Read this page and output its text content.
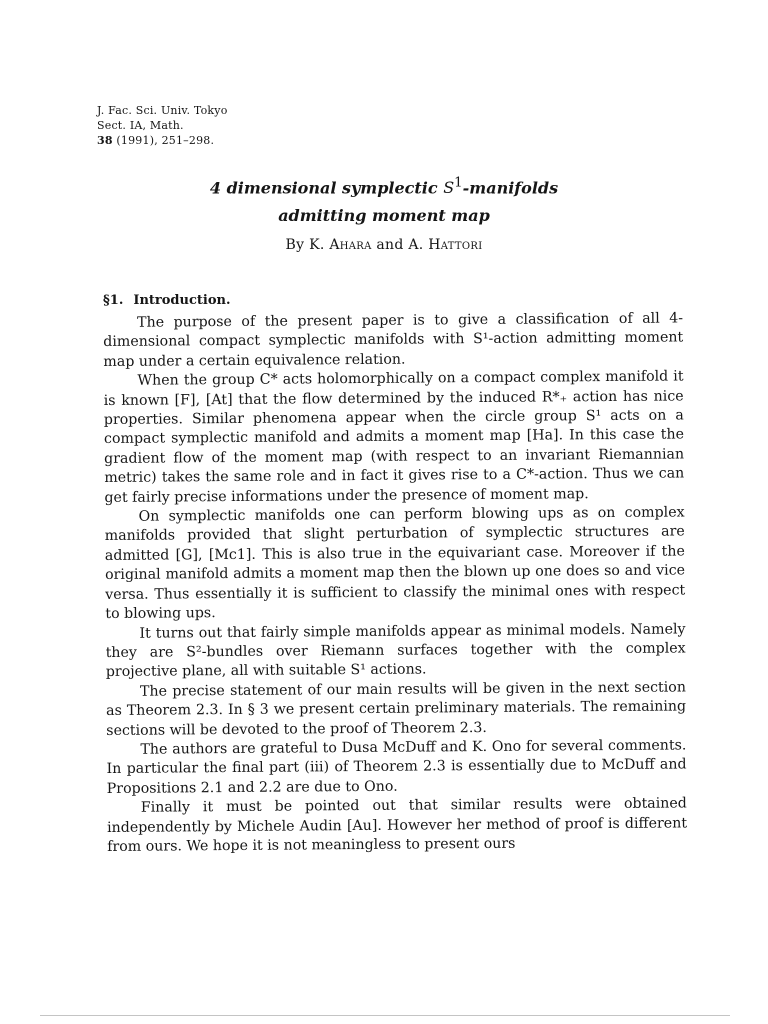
J. Fac. Sci. Univ. Tokyo
Sect. IA, Math.
38 (1991), 251–298.
4 dimensional symplectic $S^1$-manifolds
admitting moment map
By K. Ahara and A. Hattori
§1. Introduction.

The purpose of the present paper is to give a classification of all 4-dimensional compact symplectic manifolds with S¹-action admitting moment map under a certain equivalence relation.

When the group C* acts holomorphically on a compact complex manifold it is known [F], [At] that the flow determined by the induced R*₊ action has nice properties. Similar phenomena appear when the circle group S¹ acts on a compact symplectic manifold and admits a moment map [Ha]. In this case the gradient flow of the moment map (with respect to an invariant Riemannian metric) takes the same role and in fact it gives rise to a C*-action. Thus we can get fairly precise informations under the presence of moment map.

On symplectic manifolds one can perform blowing ups as on complex manifolds provided that slight perturbation of symplectic structures are admitted [G], [Mc1]. This is also true in the equivariant case. Moreover if the original manifold admits a moment map then the blown up one does so and vice versa. Thus essentially it is sufficient to classify the minimal ones with respect to blowing ups.

It turns out that fairly simple manifolds appear as minimal models. Namely they are S²-bundles over Riemann surfaces together with the complex projective plane, all with suitable S¹ actions.

The precise statement of our main results will be given in the next section as Theorem 2.3. In § 3 we present certain preliminary materials. The remaining sections will be devoted to the proof of Theorem 2.3.

The authors are grateful to Dusa McDuff and K. Ono for several comments. In particular the final part (iii) of Theorem 2.3 is essentially due to McDuff and Propositions 2.1 and 2.2 are due to Ono.

Finally it must be pointed out that similar results were obtained independently by Michele Audin [Au]. However her method of proof is different from ours. We hope it is not meaningless to present ours
